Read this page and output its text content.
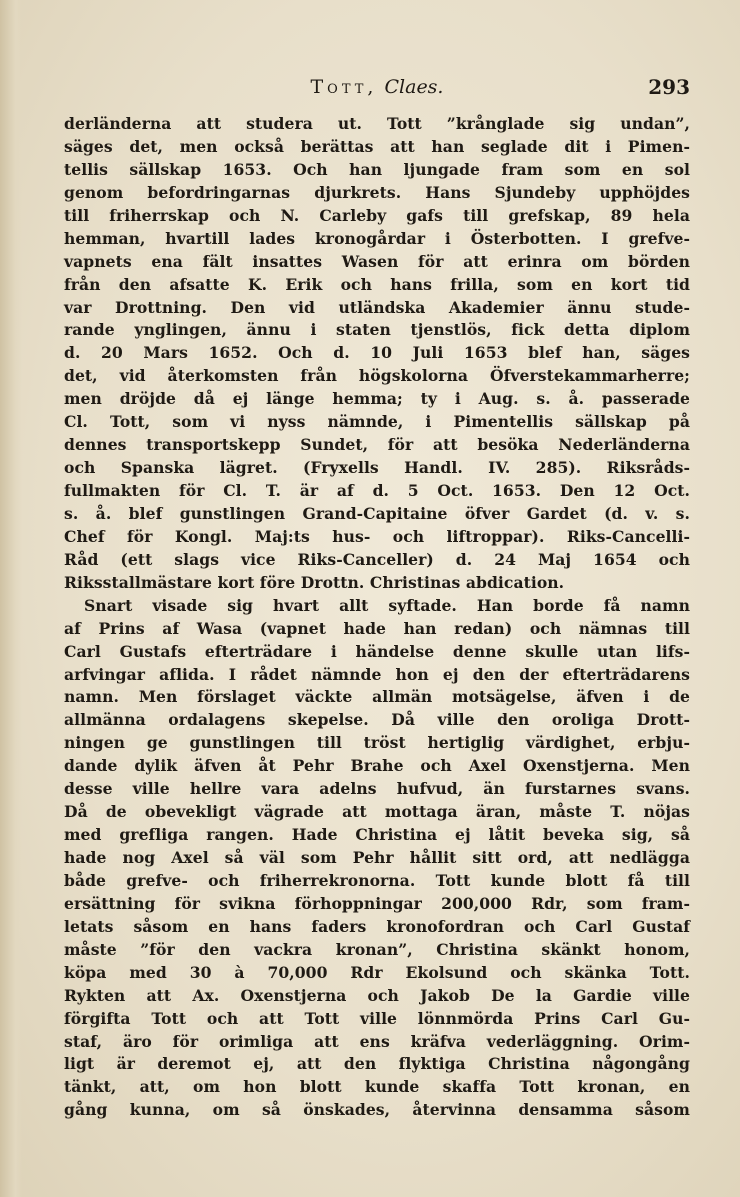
Tott, Claes.	293
derländerna att studera ut. Tott ”krånglade sig undan”,
säges det, men också berättas att han seglade dit i Pimen-
tellis sällskap 1653. Och han ljungade fram som en sol
genom befordringarnas djurkrets. Hans Sjundeby upphöjdes
till friherrskap och N. Carleby gafs till grefskap, 89 hela
hemman, hvartill lades kronogårdar i Österbotten. I grefve-
vapnets ena fält insattes Wasen för att erinra om börden
från den afsatte K. Erik och hans frilla, som en kort tid
var Drottning. Den vid utländska Akademier ännu stude-
rande ynglingen, ännu i staten tjenstlös, fick detta diplom
d. 20 Mars 1652. Och d. 10 Juli 1653 blef han, säges
det, vid återkomsten från högskolorna Öfverstekammarherre;
men dröjde då ej länge hemma; ty i Aug. s. å. passerade
Cl. Tott, som vi nyss nämnde, i Pimentellis sällskap på
dennes transportskepp Sundet, för att besöka Nederländerna
och Spanska lägret. (Fryxells Handl. IV. 285). Riksråds-
fullmakten för Cl. T. är af d. 5 Oct. 1653. Den 12 Oct.
s. å. blef gunstlingen Grand-Capitaine öfver Gardet (d. v. s.
Chef för Kongl. Maj:ts hus- och liftroppar). Riks-Cancelli-
Råd (ett slags vice Riks-Canceller) d. 24 Maj 1654 och
Riksstallmästare kort före Drottn. Christinas abdication.
Snart visade sig hvart allt syftade. Han borde få namn
af Prins af Wasa (vapnet hade han redan) och nämnas till
Carl Gustafs efterträdare i händelse denne skulle utan lifs-
arfvingar aflida. I rådet nämnde hon ej den der efterträdarens
namn. Men förslaget väckte allmän motsägelse, äfven i de
allmänna ordalagens skepelse. Då ville den oroliga Drott-
ningen ge gunstlingen till tröst hertiglig värdighet, erbju-
dande dylik äfven åt Pehr Brahe och Axel Oxenstjerna. Men
desse ville hellre vara adelns hufvud, än furstarnes svans.
Då de obevekligt vägrade att mottaga äran, måste T. nöjas
med grefliga rangen. Hade Christina ej låtit beveka sig, så
hade nog Axel så väl som Pehr hållit sitt ord, att nedlägga
både grefve- och friherrekronorna. Tott kunde blott få till
ersättning för svikna förhoppningar 200,000 Rdr, som fram-
letats såsom en hans faders kronofordran och Carl Gustaf
måste ”för den vackra kronan”, Christina skänkt honom,
köpa med 30 à 70,000 Rdr Ekolsund och skänka Tott.
Rykten att Ax. Oxenstjerna och Jakob De la Gardie ville
förgifta Tott och att Tott ville lönnmörda Prins Carl Gu-
staf, äro för orimliga att ens kräfva vederläggning. Orim-
ligt är deremot ej, att den flyktiga Christina någongång
tänkt, att, om hon blott kunde skaffa Tott kronan, en
gång kunna, om så önskades, återvinna densamma såsom
